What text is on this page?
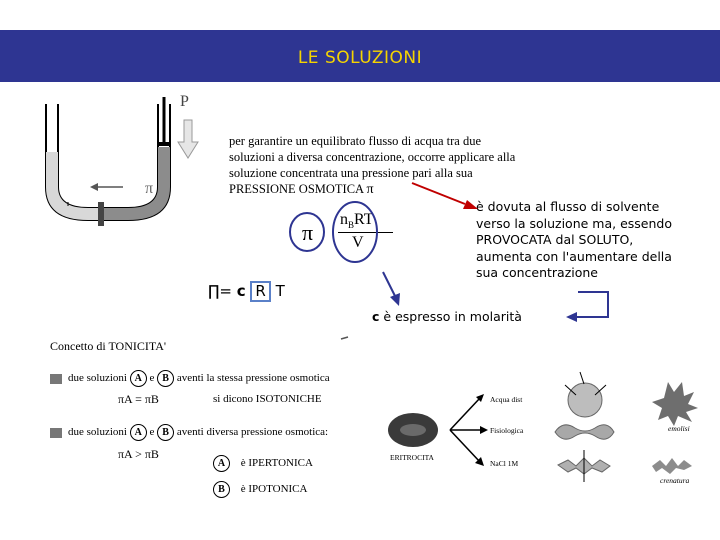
LE SOLUZIONI
P
π
per garantire un equilibrato flusso di acqua tra due soluzioni a diversa concentrazione, occorre applicare alla soluzione concentrata una pressione pari alla sua PRESSIONE OSMOTICA π
π
$n_BRT$
V
∏= c R T
è dovuta al flusso di solvente verso la soluzione ma, essendo PROVOCATA dal SOLUTO, aumenta con l'aumentare della sua concentrazione
c è espresso in molarità
Concetto di TONICITA'
due soluzioni A e B aventi la stessa pressione osmotica
πA = πB	si dicono ISOTONICHE
due soluzioni A e B aventi diversa pressione osmotica:
πA > πB
A è IPERTONICA
B è IPOTONICA
ERITROCITA
Acqua dist
Fisiologica
NaCl 1M
emolisi
crenatura
